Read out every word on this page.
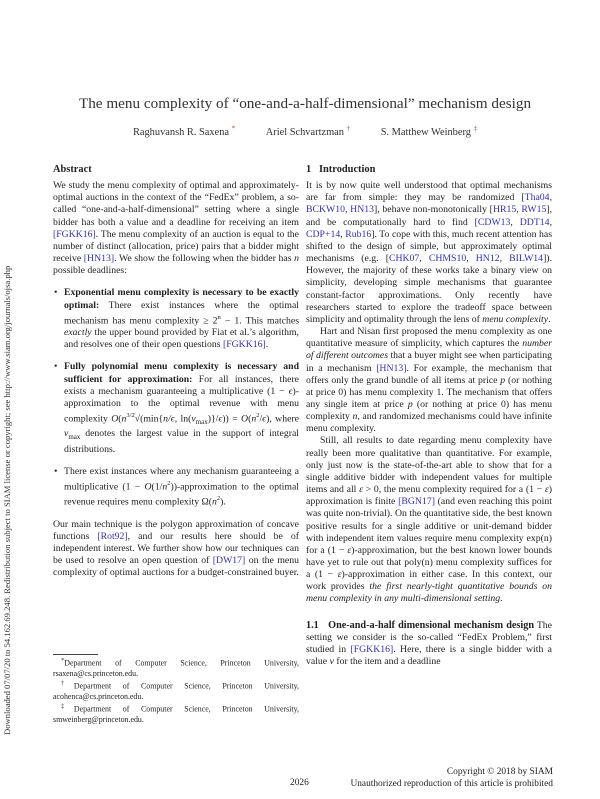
Downloaded 07/07/20 to 54.162.69.248. Redistribution subject to SIAM license or copyright; see http://www.siam.org/journals/ojsa.php
The menu complexity of “one-and-a-half-dimensional” mechanism design
Raghuvansh R. Saxena *	Ariel Schvartzman †	S. Matthew Weinberg ‡
Abstract

We study the menu complexity of optimal and approximately-optimal auctions in the context of the “FedEx” problem, a so-called “one-and-a-half-dimensional” setting where a single bidder has both a value and a deadline for receiving an item [FGKK16]. The menu complexity of an auction is equal to the number of distinct (allocation, price) pairs that a bidder might receive [HN13]. We show the following when the bidder has n possible deadlines:

• Exponential menu complexity is necessary to be exactly optimal: There exist instances where the optimal mechanism has menu complexity ≥ $2^n - 1$. This matches exactly the upper bound provided by Fiat et al.’s algorithm, and resolves one of their open questions [FGKK16].
• Fully polynomial menu complexity is necessary and sufficient for approximation: For all instances, there exists a mechanism guaranteeing a multiplicative (1 − ϵ)-approximation to the optimal revenue with menu complexity $O(n^{3/2}√(\min\{n/\epsilon$, $\ln(v_{max})\}/\epsilon)) = O(n^2/\epsilon)$, where $v_{max}$ denotes the largest value in the support of integral distributions.
• There exist instances where any mechanism guaranteeing a multiplicative $(1 - O(1/n^2))$-approximation to the optimal revenue requires menu complexity $\Omega(n^2)$.

Our main technique is the polygon approximation of concave functions [Rot92], and our results here should be of independent interest. We further show how our techniques can be used to resolve an open question of [DW17] on the menu complexity of optimal auctions for a budget-constrained buyer.

*Department of Computer Science, Princeton University, rsaxena@cs.princeton.edu.

†Department of Computer Science, Princeton University, acohenca@cs.princeton.edu.

‡Department of Computer Science, Princeton University, smweinberg@princeton.edu.

1   Introduction

It is by now quite well understood that optimal mechanisms are far from simple: they may be randomized [Tha04, BCKW10, HN13], behave non-monotonically [HR15, RW15], and be computationally hard to find [CDW13, DDT14, CDP+14, Rub16]. To cope with this, much recent attention has shifted to the design of simple, but approximately optimal mechanisms (e.g. [CHK07, CHMS10, HN12, BILW14]). However, the majority of these works take a binary view on simplicity, developing simple mechanisms that guarantee constant-factor approximations. Only recently have researchers started to explore the tradeoff space between simplicity and optimality through the lens of menu complexity.

Hart and Nisan first proposed the menu complexity as one quantitative measure of simplicity, which captures the number of different outcomes that a buyer might see when participating in a mechanism [HN13]. For example, the mechanism that offers only the grand bundle of all items at price p (or nothing at price 0) has menu complexity 1. The mechanism that offers any single item at price p (or nothing at price 0) has menu complexity n, and randomized mechanisms could have infinite menu complexity.

Still, all results to date regarding menu complexity have really been more qualitative than quantitative. For example, only just now is the state-of-the-art able to show that for a single additive bidder with independent values for multiple items and all ε > 0, the menu complexity required for a (1 − ε) approximation is finite [BGN17] (and even reaching this point was quite non-trivial). On the quantitative side, the best known positive results for a single additive or unit-demand bidder with independent item values require menu complexity exp(n) for a (1 − ε)-approximation, but the best known lower bounds have yet to rule out that poly(n) menu complexity suffices for a (1 − ε)-approximation in either case. In this context, our work provides the first nearly-tight quantitative bounds on menu complexity in any multi-dimensional setting.

1.1   One-and-a-half dimensional mechanism design The setting we consider is the so-called “FedEx Problem,” first studied in [FGKK16]. Here, there is a single bidder with a value v for the item and a deadline

2026
Copyright © 2018 by SIAM
Unauthorized reproduction of this article is prohibited
